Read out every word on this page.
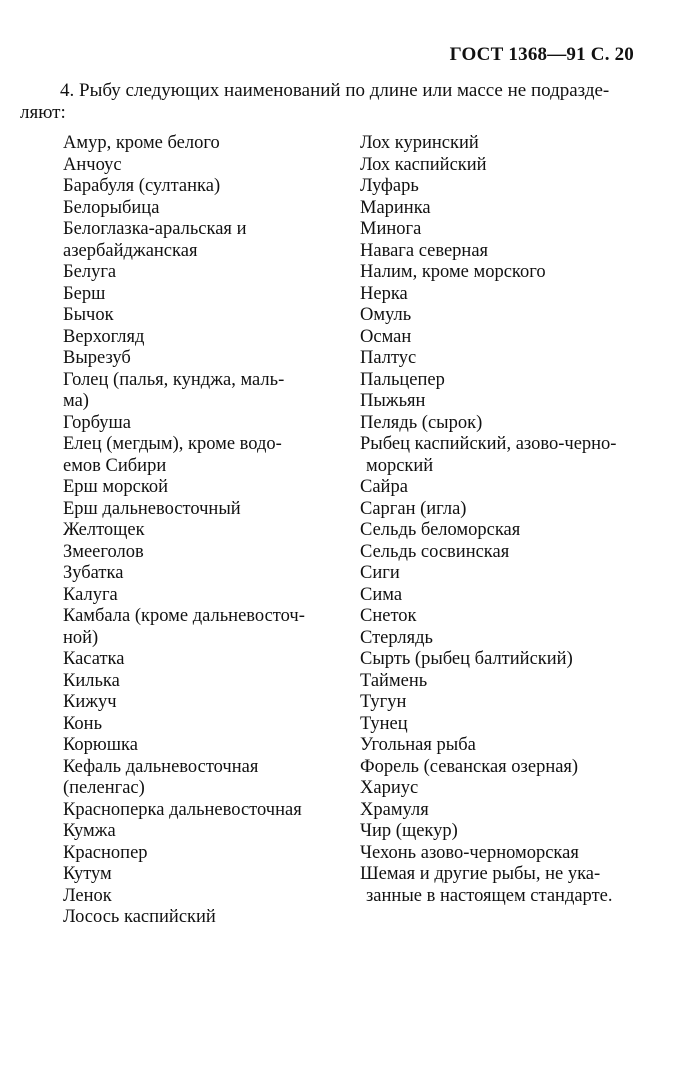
ГОСТ 1368—91 С. 20
4. Рыбу следующих наименований по длине или массе не подразде-
ляют:
Амур, кроме белого
Анчоус
Барабуля (султанка)
Белорыбица
Белоглазка-аральская и
азербайджанская
Белуга
Берш
Бычок
Верхогляд
Вырезуб
Голец (палья, кунджа, маль-
ма)
Горбуша
Елец (мегдым), кроме водо-
емов Сибири
Ерш морской
Ерш дальневосточный
Желтощек
Змееголов
Зубатка
Калуга
Камбала (кроме дальневосточ-
ной)
Касатка
Килька
Кижуч
Конь
Корюшка
Кефаль дальневосточная
(пеленгас)
Красноперка дальневосточная
Кумжа
Краснопер
Кутум
Ленок
Лосось каспийский
Лох куринский
Лох каспийский
Луфарь
Маринка
Минога
Навага северная
Налим, кроме морского
Нерка
Омуль
Осман
Палтус
Пальцепер
Пыжьян
Пелядь (сырок)
Рыбец каспийский, азово-черно-
морский
Сайра
Сарган (игла)
Сельдь беломорская
Сельдь сосвинская
Сиги
Сима
Снеток
Стерлядь
Сырть (рыбец балтийский)
Таймень
Тугун
Тунец
Угольная рыба
Форель (севанская озерная)
Хариус
Храмуля
Чир (щекур)
Чехонь азово-черноморская
Шемая и другие рыбы, не ука-
занные в настоящем стандарте.
